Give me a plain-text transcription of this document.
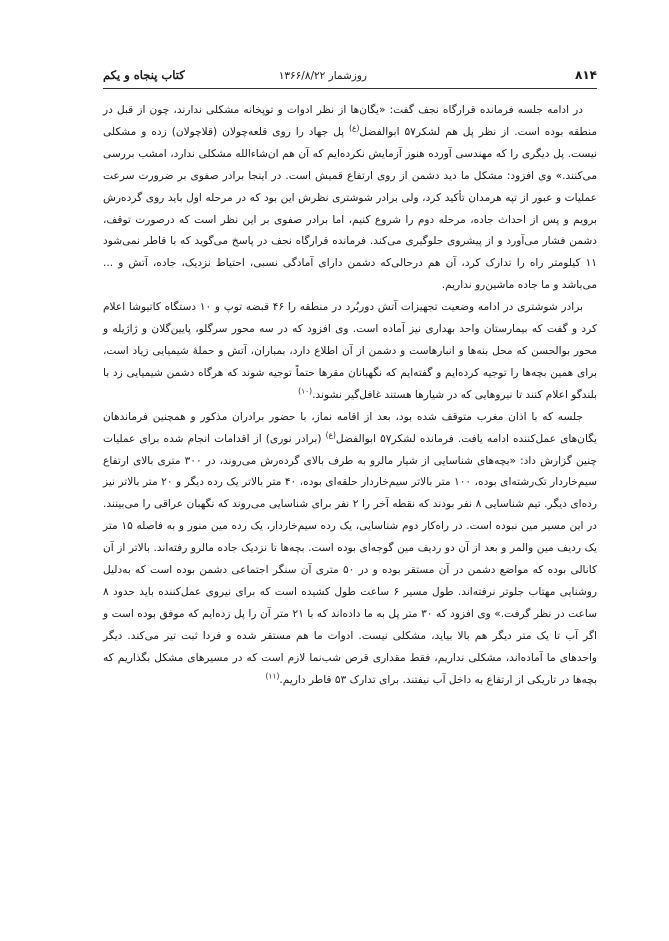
۸۱۴
روزشمار ۱۳۶۶/۸/۲۲
کتاب پنجاه و یکم

در ادامه جلسه فرمانده قرارگاه نجف گفت: «یگان‌ها از نظر ادوات و توپخانه مشکلی ندارند، چون از قبل در منطقه بوده است. از نظر پل هم لشکر۵۷ ابوالفضل$^{(ع)}$ پل جهاد را روی قلعه‌چولان (قلاچولان) زده و مشکلی نیست. پل دیگری را که مهندسی آورده هنوز آزمایش نکرده‌ایم که آن هم ان‌شاءالله مشکلی ندارد، امشب بررسی می‌کنند.» وی افزود: مشکل ما دید دشمن از روی ارتفاع قمیش است. در اینجا برادر صفوی بر ضرورت سرعت عملیات و عبور از تپه هرمدان تأکید کرد، ولی برادر شوشتری نظرش این بود که در مرحله اول باید روی گرده‌رش برویم و پس از احداث جاده، مرحله دوم را شروع کنیم، اما برادر صفوی بر این نظر است که درصورت توقف، دشمن فشار می‌آورد و از پیشروی جلوگیری می‌کند. فرمانده قرارگاه نجف در پاسخ می‌گوید که با قاطر نمی‌شود ۱۱ کیلومتر راه را تدارک کرد، آن هم درحالی‌که دشمن دارای آمادگی نسبی، احتیاط نزدیک، جاده، آتش و ... می‌باشد و ما جاده ماشین‌رو نداریم.

برادر شوشتری در ادامه وضعیت تجهیزات آتش دوربُرد در منطقه را ۴۶ قبضه توپ و ۱۰ دستگاه کاتیوشا اعلام کرد و گفت که بیمارستان واحد بهداری نیز آماده است. وی افزود که در سه محور سرگلو، پایین‌گلان و ژاژیله و محور بوالحسن که محل بنه‌ها و انبارهاست و دشمن از آن اطلاع دارد، بمباران، آتش و حملهٔ شیمیایی زیاد است، برای همین بچه‌ها را توجیه کرده‌ایم و گفته‌ایم که نگهبانان مقرها حتماً توجیه شوند که هرگاه دشمن شیمیایی زد با بلندگو اعلام کنند تا نیروهایی که در شیارها هستند غافل‌گیر نشوند.$^{(۱۰)}$

جلسه که با اذان مغرب متوقف شده بود، بعد از اقامه نماز، با حضور برادران مذکور و همچنین فرماندهان یگان‌های عمل‌کننده ادامه یافت. فرمانده لشکر۵۷ ابوالفضل$^{(ع)}$ (برادر نوری) از اقدامات انجام شده برای عملیات چنین گزارش داد: «بچه‌های شناسایی از شیار مالرو به طرف بالای گرده‌رش می‌روند، در ۳۰۰ متری بالای ارتفاع سیم‌خاردار تک‌رشته‌ای بوده، ۱۰۰ متر بالاتر سیم‌خاردار حلقه‌ای بوده، ۴۰ متر بالاتر یک رده دیگر و ۲۰ متر بالاتر نیز رده‌ای دیگر. تیم شناسایی ۸ نفر بودند که نقطه آخر را ۲ نفر برای شناسایی می‌روند که نگهبان عراقی را می‌بینند. در این مسیر مین نبوده است. در راه‌کار دوم شناسایی، یک رده سیم‌خاردار، یک رده مین منور و به فاصله ۱۵ متر یک ردیف مین والمر و بعد از آن دو ردیف مین گوجه‌ای بوده است. بچه‌ها تا نزدیک جاده مالرو رفته‌اند. بالاتر از آن کانالی بوده که مواضع دشمن در آن مستقر بوده و در ۵۰ متری آن سنگر اجتماعی دشمن بوده است که به‌دلیل روشنایی مهتاب جلوتر نرفته‌اند. طول مسیر ۶ ساعت طول کشیده است که برای نیروی عمل‌کننده باید حدود ۸ ساعت در نظر گرفت.» وی افزود که ۳۰ متر پل به ما داده‌اند که با ۲۱ متر آن را پل زده‌ایم که موفق بوده است و اگر آب تا یک متر دیگر هم بالا بیاید، مشکلی نیست. ادوات ما هم مستقر شده و فردا ثبت تیر می‌کند. دیگر واحدهای ما آماده‌اند، مشکلی نداریم، فقط مقداری قرص شب‌نما لازم است که در مسیرهای مشکل بگذاریم که بچه‌ها در تاریکی از ارتفاع به داخل آب نیفتند. برای تدارک ۵۳ قاطر داریم.$^{(۱۱)}$
